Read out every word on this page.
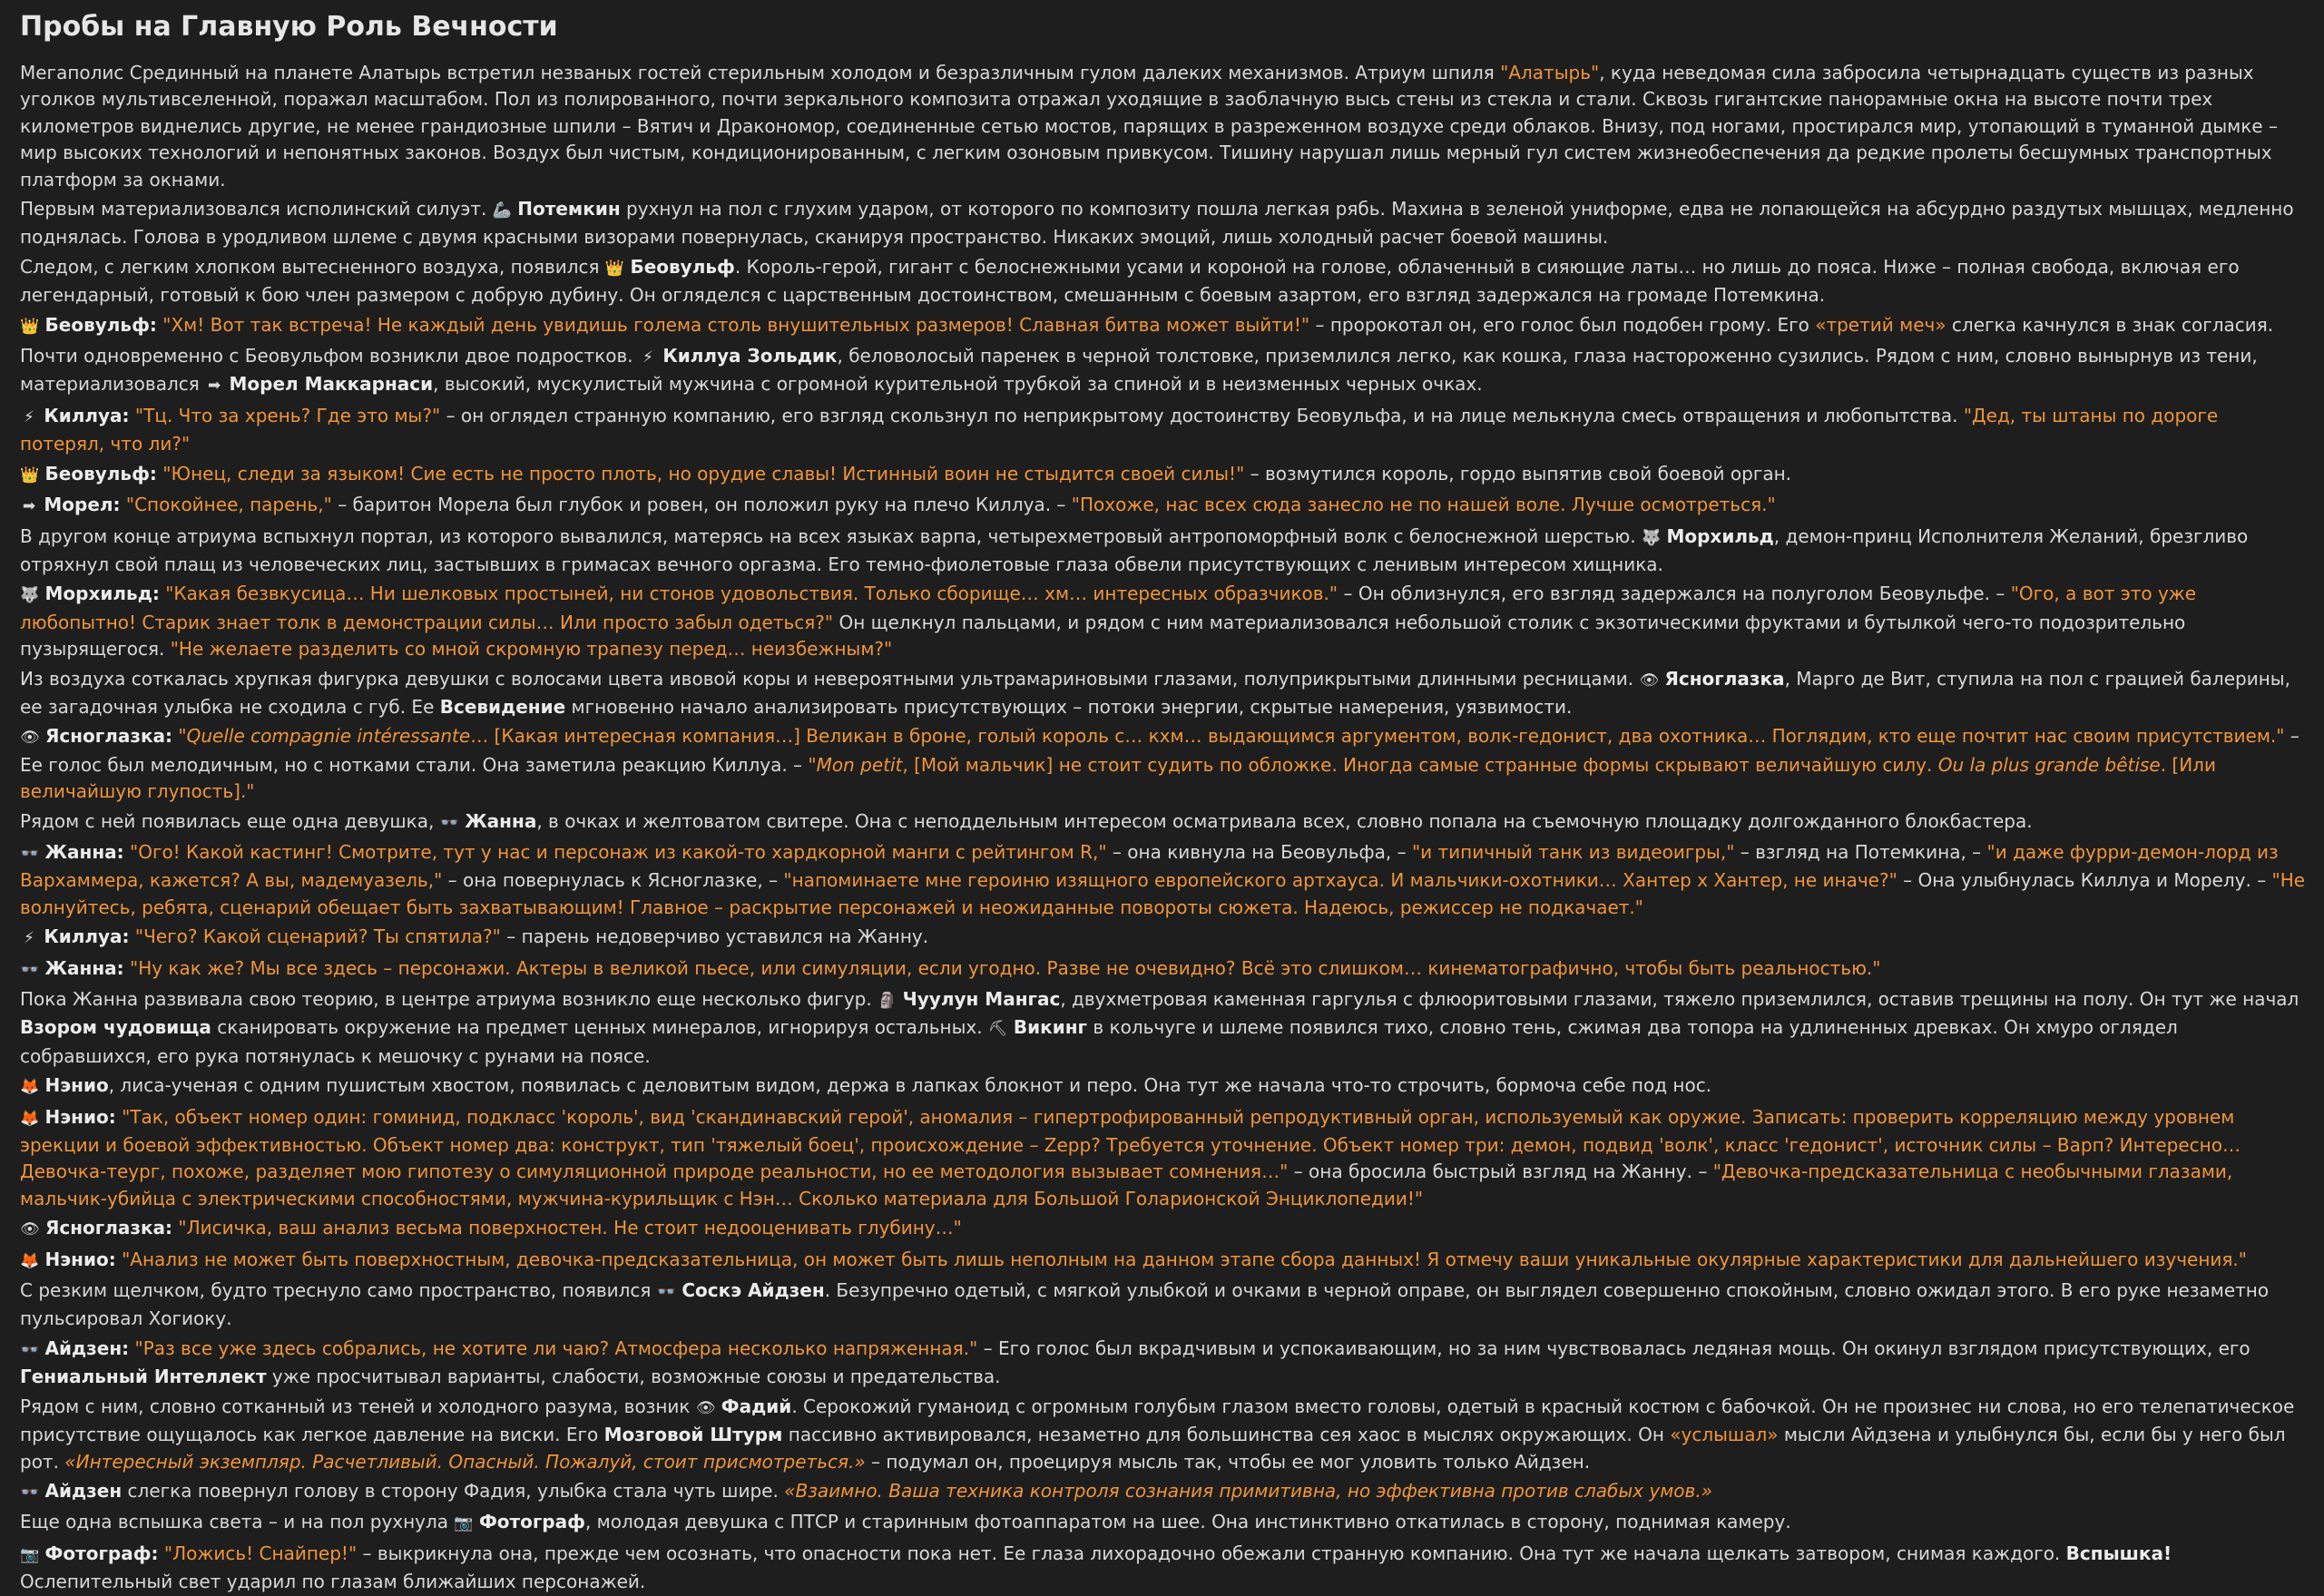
Пробы на Главную Роль Вечности

Мегаполис Срединный на планете Алатырь встретил незваных гостей стерильным холодом и безразличным гулом далеких механизмов. Атриум шпиля "Алатырь", куда неведомая сила забросила четырнадцать существ из разных уголков мультивселенной, поражал масштабом. Пол из полированного, почти зеркального композита отражал уходящие в заоблачную высь стены из стекла и стали. Сквозь гигантские панорамные окна на высоте почти трех километров виднелись другие, не менее грандиозные шпили – Вятич и Дракономор, соединенные сетью мостов, парящих в разреженном воздухе среди облаков. Внизу, под ногами, простирался мир, утопающий в туманной дымке – мир высоких технологий и непонятных законов. Воздух был чистым, кондиционированным, с легким озоновым привкусом. Тишину нарушал лишь мерный гул систем жизнеобеспечения да редкие пролеты бесшумных транспортных платформ за окнами.

Первым материализовался исполинский силуэт. 🦾 Потемкин рухнул на пол с глухим ударом, от которого по композиту пошла легкая рябь. Махина в зеленой униформе, едва не лопающейся на абсурдно раздутых мышцах, медленно поднялась. Голова в уродливом шлеме с двумя красными визорами повернулась, сканируя пространство. Никаких эмоций, лишь холодный расчет боевой машины.

Следом, с легким хлопком вытесненного воздуха, появился 👑 Беовульф. Король-герой, гигант с белоснежными усами и короной на голове, облаченный в сияющие латы… но лишь до пояса. Ниже – полная свобода, включая его легендарный, готовый к бою член размером с добрую дубину. Он огляделся с царственным достоинством, смешанным с боевым азартом, его взгляд задержался на громаде Потемкина.

👑 Беовульф: "Хм! Вот так встреча! Не каждый день увидишь голема столь внушительных размеров! Славная битва может выйти!" – пророкотал он, его голос был подобен грому. Его «третий меч» слегка качнулся в знак согласия.

Почти одновременно с Беовульфом возникли двое подростков. ⚡ Киллуа Зольдик, беловолосый паренек в черной толстовке, приземлился легко, как кошка, глаза настороженно сузились. Рядом с ним, словно вынырнув из тени, материализовался ➡ Морел Маккарнаси, высокий, мускулистый мужчина с огромной курительной трубкой за спиной и в неизменных черных очках.

⚡ Киллуа: "Тц. Что за хрень? Где это мы?" – он оглядел странную компанию, его взгляд скользнул по неприкрытому достоинству Беовульфа, и на лице мелькнула смесь отвращения и любопытства. "Дед, ты штаны по дороге потерял, что ли?"

👑 Беовульф: "Юнец, следи за языком! Сие есть не просто плоть, но орудие славы! Истинный воин не стыдится своей силы!" – возмутился король, гордо выпятив свой боевой орган.

➡ Морел: "Спокойнее, парень," – баритон Морела был глубок и ровен, он положил руку на плечо Киллуа. – "Похоже, нас всех сюда занесло не по нашей воле. Лучше осмотреться."

В другом конце атриума вспыхнул портал, из которого вывалился, матерясь на всех языках варпа, четырехметровый антропоморфный волк с белоснежной шерстью. 🐺 Морхильд, демон-принц Исполнителя Желаний, брезгливо отряхнул свой плащ из человеческих лиц, застывших в гримасах вечного оргазма. Его темно-фиолетовые глаза обвели присутствующих с ленивым интересом хищника.

🐺 Морхильд: "Какая безвкусица… Ни шелковых простыней, ни стонов удовольствия. Только сборище… хм… интересных образчиков." – Он облизнулся, его взгляд задержался на полуголом Беовульфе. – "Ого, а вот это уже любопытно! Старик знает толк в демонстрации силы… Или просто забыл одеться?" Он щелкнул пальцами, и рядом с ним материализовался небольшой столик с экзотическими фруктами и бутылкой чего-то подозрительно пузырящегося. "Не желаете разделить со мной скромную трапезу перед… неизбежным?"

Из воздуха соткалась хрупкая фигурка девушки с волосами цвета ивовой коры и невероятными ультрамариновыми глазами, полуприкрытыми длинными ресницами. 👁 Ясноглазка, Марго де Вит, ступила на пол с грацией балерины, ее загадочная улыбка не сходила с губ. Ее Всевидение мгновенно начало анализировать присутствующих – потоки энергии, скрытые намерения, уязвимости.

👁 Ясноглазка: "Quelle compagnie intéressante… [Какая интересная компания…] Великан в броне, голый король с… кхм… выдающимся аргументом, волк-гедонист, два охотника… Поглядим, кто еще почтит нас своим присутствием." – Ее голос был мелодичным, но с нотками стали. Она заметила реакцию Киллуа. – "Mon petit, [Мой мальчик] не стоит судить по обложке. Иногда самые странные формы скрывают величайшую силу. Ou la plus grande bêtise. [Или величайшую глупость]."

Рядом с ней появилась еще одна девушка, 👓 Жанна, в очках и желтоватом свитере. Она с неподдельным интересом осматривала всех, словно попала на съемочную площадку долгожданного блокбастера.

👓 Жанна: "Ого! Какой кастинг! Смотрите, тут у нас и персонаж из какой-то хардкорной манги с рейтингом R," – она кивнула на Беовульфа, – "и типичный танк из видеоигры," – взгляд на Потемкина, – "и даже фурри-демон-лорд из Вархаммера, кажется? А вы, мадемуазель," – она повернулась к Ясноглазке, – "напоминаете мне героиню изящного европейского артхауса. И мальчики-охотники… Хантер х Хантер, не иначе?" – Она улыбнулась Киллуа и Морелу. – "Не волнуйтесь, ребята, сценарий обещает быть захватывающим! Главное – раскрытие персонажей и неожиданные повороты сюжета. Надеюсь, режиссер не подкачает."

⚡ Киллуа: "Чего? Какой сценарий? Ты спятила?" – парень недоверчиво уставился на Жанну.

👓 Жанна: "Ну как же? Мы все здесь – персонажи. Актеры в великой пьесе, или симуляции, если угодно. Разве не очевидно? Всё это слишком… кинематографично, чтобы быть реальностью."

Пока Жанна развивала свою теорию, в центре атриума возникло еще несколько фигур. 🗿 Чуулун Мангас, двухметровая каменная гаргулья с флюоритовыми глазами, тяжело приземлился, оставив трещины на полу. Он тут же начал Взором чудовища сканировать окружение на предмет ценных минералов, игнорируя остальных. ⛏ Викинг в кольчуге и шлеме появился тихо, словно тень, сжимая два топора на удлиненных древках. Он хмуро оглядел собравшихся, его рука потянулась к мешочку с рунами на поясе.

🦊 Нэнио, лиса-ученая с одним пушистым хвостом, появилась с деловитым видом, держа в лапках блокнот и перо. Она тут же начала что-то строчить, бормоча себе под нос.

🦊 Нэнио: "Так, объект номер один: гоминид, подкласс 'король', вид 'скандинавский герой', аномалия – гипертрофированный репродуктивный орган, используемый как оружие. Записать: проверить корреляцию между уровнем эрекции и боевой эффективностью. Объект номер два: конструкт, тип 'тяжелый боец', происхождение – Zepp? Требуется уточнение. Объект номер три: демон, подвид 'волк', класс 'гедонист', источник силы – Варп? Интересно… Девочка-теург, похоже, разделяет мою гипотезу о симуляционной природе реальности, но ее методология вызывает сомнения…" – она бросила быстрый взгляд на Жанну. – "Девочка-предсказательница с необычными глазами, мальчик-убийца с электрическими способностями, мужчина-курильщик с Нэн… Сколько материала для Большой Голарионской Энциклопедии!"

👁 Ясноглазка: "Лисичка, ваш анализ весьма поверхностен. Не стоит недооценивать глубину…"

🦊 Нэнио: "Анализ не может быть поверхностным, девочка-предсказательница, он может быть лишь неполным на данном этапе сбора данных! Я отмечу ваши уникальные окулярные характеристики для дальнейшего изучения."

С резким щелчком, будто треснуло само пространство, появился 👓 Соскэ Айдзен. Безупречно одетый, с мягкой улыбкой и очками в черной оправе, он выглядел совершенно спокойным, словно ожидал этого. В его руке незаметно пульсировал Хогиоку.

👓 Айдзен: "Раз все уже здесь собрались, не хотите ли чаю? Атмосфера несколько напряженная." – Его голос был вкрадчивым и успокаивающим, но за ним чувствовалась ледяная мощь. Он окинул взглядом присутствующих, его Гениальный Интеллект уже просчитывал варианты, слабости, возможные союзы и предательства.

Рядом с ним, словно сотканный из теней и холодного разума, возник 👁 Фадий. Серокожий гуманоид с огромным голубым глазом вместо головы, одетый в красный костюм с бабочкой. Он не произнес ни слова, но его телепатическое присутствие ощущалось как легкое давление на виски. Его Мозговой Штурм пассивно активировался, незаметно для большинства сея хаос в мыслях окружающих. Он «услышал» мысли Айдзена и улыбнулся бы, если бы у него был рот. «Интересный экземпляр. Расчетливый. Опасный. Пожалуй, стоит присмотреться.» – подумал он, проецируя мысль так, чтобы ее мог уловить только Айдзен.

👓 Айдзен слегка повернул голову в сторону Фадия, улыбка стала чуть шире. «Взаимно. Ваша техника контроля сознания примитивна, но эффективна против слабых умов.»

Еще одна вспышка света – и на пол рухнула 📷 Фотограф, молодая девушка с ПТСР и старинным фотоаппаратом на шее. Она инстинктивно откатилась в сторону, поднимая камеру.

📷 Фотограф: "Ложись! Снайпер!" – выкрикнула она, прежде чем осознать, что опасности пока нет. Ее глаза лихорадочно обежали странную компанию. Она тут же начала щелкать затвором, снимая каждого. Вспышка! Ослепительный свет ударил по глазам ближайших персонажей.
